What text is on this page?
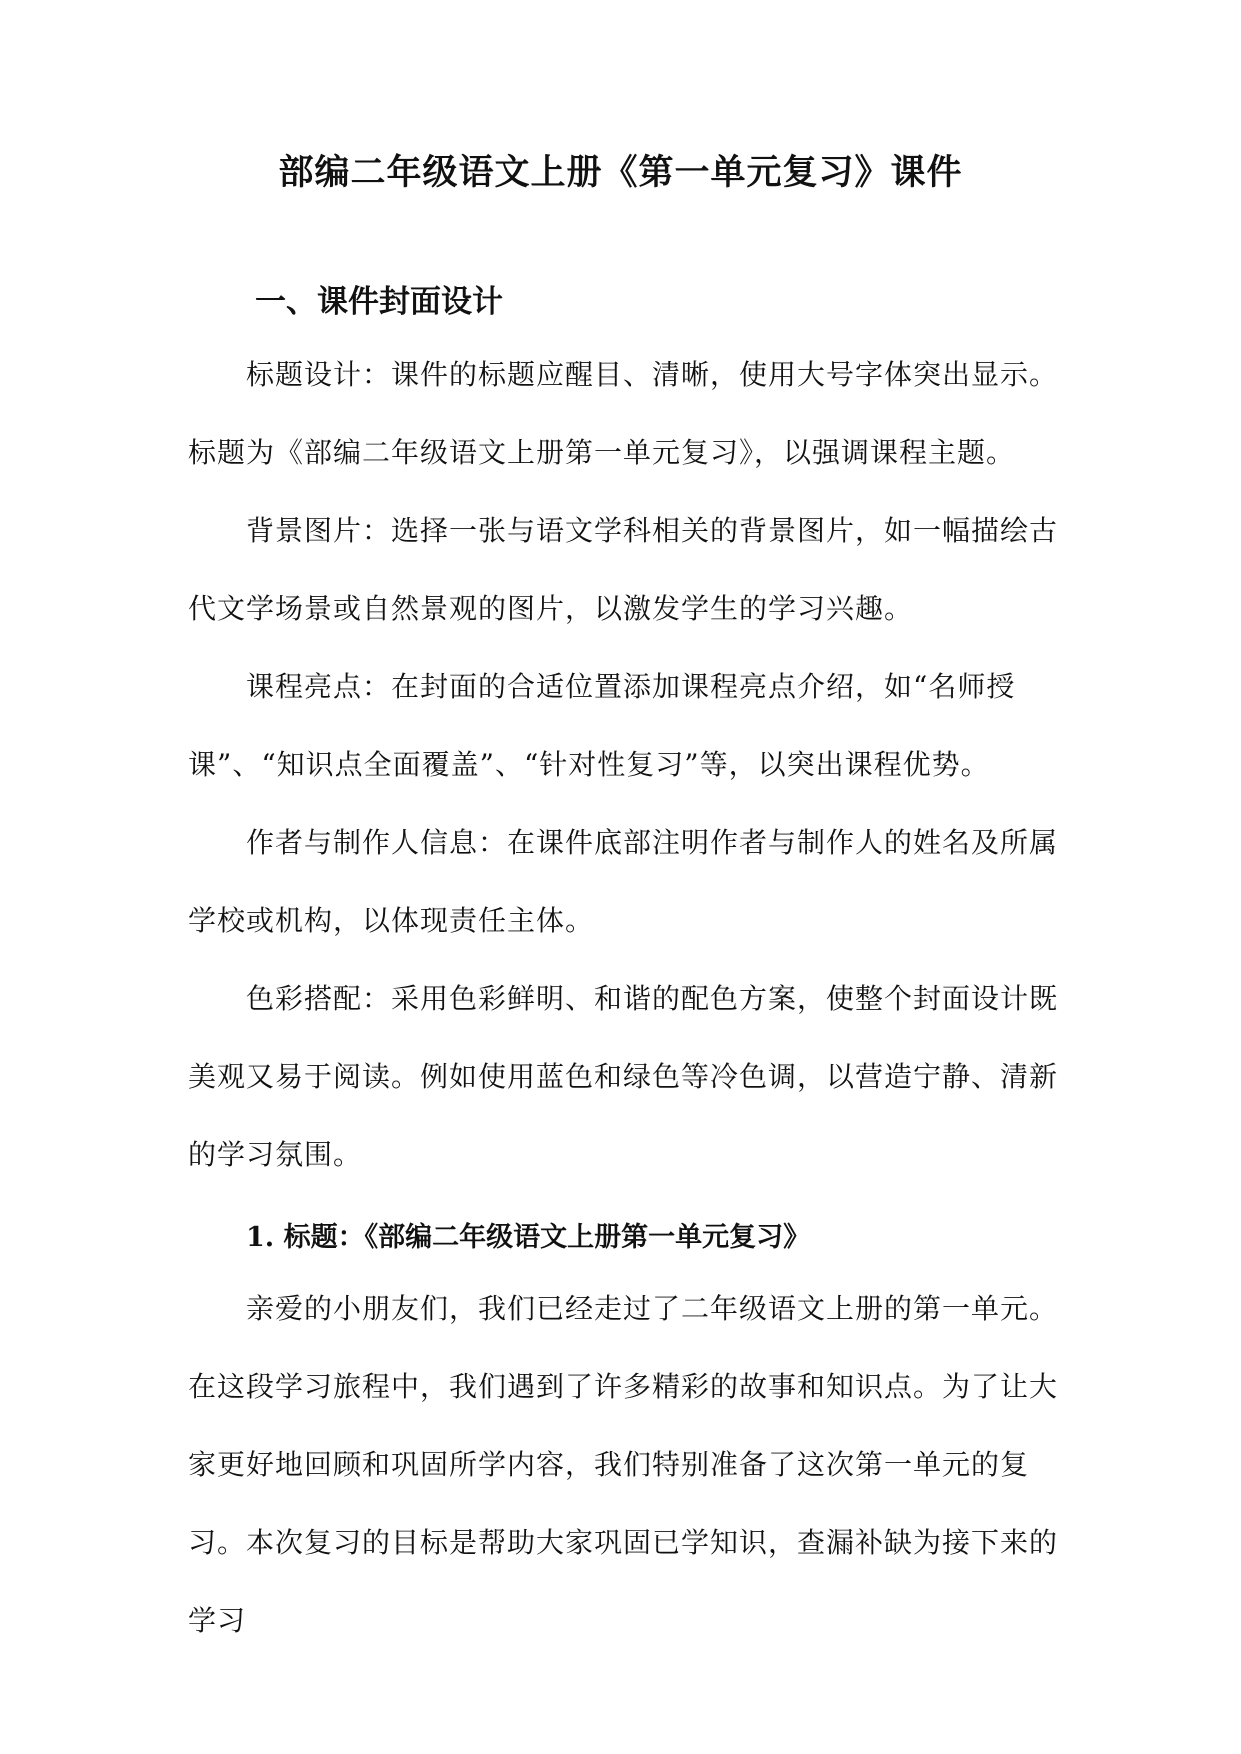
部编二年级语文上册《第一单元复习》课件
一、课件封面设计

标题设计：课件的标题应醒目、清晰，使用大号字体突出显示。标题为《部编二年级语文上册第一单元复习》，以强调课程主题。

背景图片：选择一张与语文学科相关的背景图片，如一幅描绘古代文学场景或自然景观的图片，以激发学生的学习兴趣。

课程亮点：在封面的合适位置添加课程亮点介绍，如“名师授课”、“知识点全面覆盖”、“针对性复习”等，以突出课程优势。

作者与制作人信息：在课件底部注明作者与制作人的姓名及所属学校或机构，以体现责任主体。

色彩搭配：采用色彩鲜明、和谐的配色方案，使整个封面设计既美观又易于阅读。例如使用蓝色和绿色等冷色调，以营造宁静、清新的学习氛围。

1. 标题：《部编二年级语文上册第一单元复习》

亲爱的小朋友们，我们已经走过了二年级语文上册的第一单元。在这段学习旅程中，我们遇到了许多精彩的故事和知识点。为了让大家更好地回顾和巩固所学内容，我们特别准备了这次第一单元的复习。本次复习的目标是帮助大家巩固已学知识，查漏补缺为接下来的学习
